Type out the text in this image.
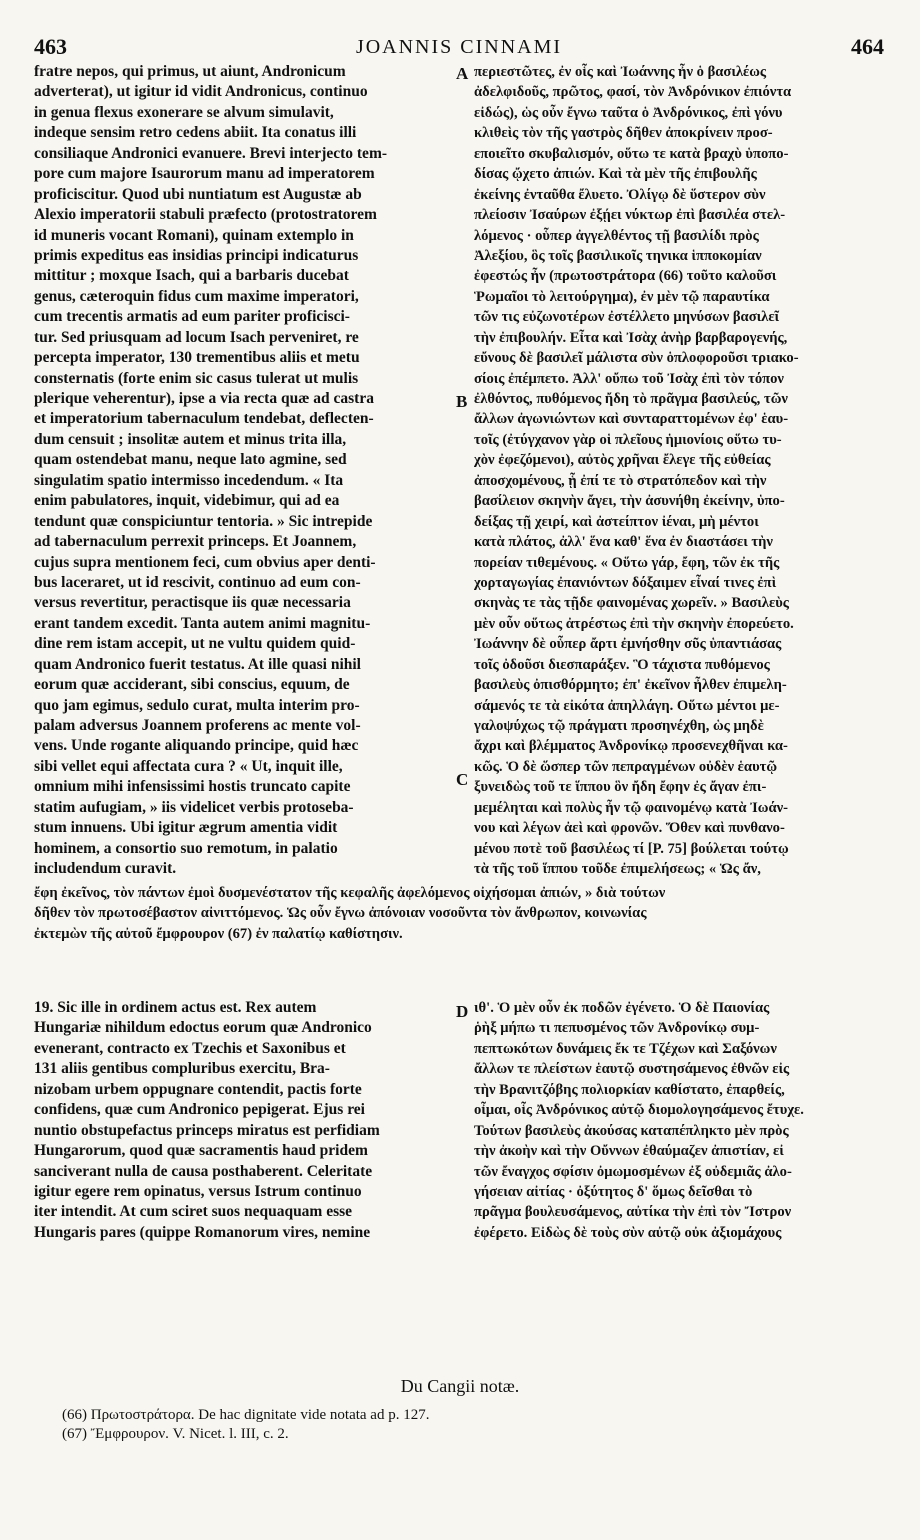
463	JOANNIS CINNAMI	464
fratre nepos, qui primus, ut aiunt, Andronicum
adverterat), ut igitur id vidit Andronicus, continuo
in genua flexus exonerare se alvum simulavit,
indeque sensim retro cedens abiit. Ita conatus illi
consiliaque Andronici evanuere. Brevi interjecto tem-
pore cum majore Isaurorum manu ad imperatorem
proficiscitur. Quod ubi nuntiatum est Augustæ ab
Alexio imperatorii stabuli præfecto (protostratorem
id muneris vocant Romani), quinam extemplo in
primis expeditus eas insidias principi indicaturus
mittitur ; moxque Isach, qui a barbaris ducebat
genus, cæteroquin fidus cum maxime imperatori,
cum trecentis armatis ad eum pariter proficisci-
tur. Sed priusquam ad locum Isach perveniret, re
percepta imperator, 130 trementibus aliis et metu
consternatis (forte enim sic casus tulerat ut mulis
plerique veherentur), ipse a via recta quæ ad castra
et imperatorium tabernaculum tendebat, deflecten-
dum censuit ; insolitæ autem et minus trita illa,
quam ostendebat manu, neque lato agmine, sed
singulatim spatio intermisso incedendum. « Ita
enim pabulatores, inquit, videbimur, qui ad ea
tendunt quæ conspiciuntur tentoria. » Sic intrepide
ad tabernaculum perrexit princeps. Et Joannem,
cujus supra mentionem feci, cum obvius aper denti-
bus laceraret, ut id rescivit, continuo ad eum con-
versus revertitur, peractisque iis quæ necessaria
erant tandem excedit. Tanta autem animi magnitu-
dine rem istam accepit, ut ne vultu quidem quid-
quam Andronico fuerit testatus. At ille quasi nihil
eorum quæ acciderant, sibi conscius, equum, de
quo jam egimus, sedulo curat, multa interim pro-
palam adversus Joannem proferens ac mente vol-
vens. Unde rogante aliquando principe, quid hæc
sibi vellet equi affectata cura ? « Ut, inquit ille,
omnium mihi infensissimi hostis truncato capite
statim aufugiam, » iis videlicet verbis protoseba-
stum innuens. Ubi igitur ægrum amentia vidit
hominem, a consortio suo remotum, in palatio
includendum curavit.
περιεστῶτες, ἐν οἷς καὶ Ἰωάννης ἦν ὁ βασιλέως
ἀδελφιδοῦς, πρῶτος, φασί, τὸν Ἀνδρόνικον ἐπιόντα
εἰδώς), ὡς οὖν ἔγνω ταῦτα ὁ Ἀνδρόνικος, ἐπὶ γόνυ
κλιθεὶς τὸν τῆς γαστρὸς δῆθεν ἀποκρίνειν προσ-
εποιεῖτο σκυβαλισμόν, οὕτω τε κατὰ βραχὺ ὑποπο-
δίσας ᾤχετο ἀπιών. Καὶ τὰ μὲν τῆς ἐπιβουλῆς
ἐκείνης ἐνταῦθα ἔλυετο. Ὀλίγῳ δὲ ὕστερον σὺν
πλείοσιν Ἰσαύρων ἐξῄει νύκτωρ ἐπὶ βασιλέα στελ-
λόμενος · οὗπερ ἀγγελθέντος τῇ βασιλίδι πρὸς
Ἀλεξίου, ὃς τοῖς βασιλικοῖς τηνικα ἱπποκομίαν
ἐφεστώς ἦν (πρωτοστράτορα (66) τοῦτο καλοῦσι
Ῥωμαῖοι τὸ λειτούργημα), ἐν μὲν τῷ παραυτίκα
τῶν τις εὐζωνοτέρων ἐστέλλετο μηνύσων βασιλεῖ
τὴν ἐπιβουλήν. Εἶτα καὶ Ἰσὰχ ἀνὴρ βαρβαρογενής,
εὔνους δὲ βασιλεῖ μάλιστα σὺν ὁπλοφοροῦσι τριακο-
σίοις ἐπέμπετο. Ἀλλ' οὔπω τοῦ Ἰσὰχ ἐπὶ τὸν τόπον
ἐλθόντος, πυθόμενος ἤδη τὸ πρᾶγμα βασιλεύς, τῶν
ἄλλων ἀγωνιώντων καὶ συνταραττομένων ἐφ' ἑαυ-
τοῖς (ἐτύγχανον γὰρ οἱ πλεῖους ἡμιονίοις οὕτω τυ-
χὸν ἐφεζόμενοι), αὐτὸς χρῆναι ἔλεγε τῆς εὐθείας
ἀποσχομένους, ᾗ ἐπί τε τὸ στρατόπεδον καὶ τὴν
βασίλειον σκηνὴν ἄγει, τὴν ἀσυνήθη ἐκείνην, ὑπο-
δείξας τῇ χειρί, καὶ ἀστείπτον ἰέναι, μὴ μέντοι
κατὰ πλάτος, ἀλλ' ἕνα καθ' ἕνα ἐν διαστάσει τὴν
πορείαν τιθεμένους. « Οὕτω γάρ, ἔφη, τῶν ἐκ τῆς
χορταγωγίας ἐπανιόντων δόξαιμεν εἶναί τινες ἐπὶ
σκηνὰς τε τὰς τῇδε φαινομένας χωρεῖν. » Βασιλεὺς
μὲν οὖν οὕτως ἀτρέστως ἐπὶ τὴν σκηνὴν ἐπορεύετο.
Ἰωάννην δὲ οὗπερ ἄρτι ἐμνήσθην σῦς ὑπαντιάσας
τοῖς ὀδοῦσι διεσπαράξεν. Ὃ τάχιστα πυθόμενος
βασιλεὺς ὀπισθόρμητο; ἐπ' ἐκεῖνον ἦλθεν ἐπιμελη-
σάμενός τε τὰ εἰκότα ἀπηλλάγη. Οὕτω μέντοι με-
γαλοψύχως τῷ πράγματι προσηνέχθη, ὡς μηδὲ
ἄχρι καὶ βλέμματος Ἀνδρονίκῳ προσενεχθῆναι κα-
κῶς. Ὁ δὲ ὥσπερ τῶν πεπραγμένων οὐδὲν ἑαυτῷ
ξυνειδὼς τοῦ τε ἵππου ὃν ἤδη ἔφην ἐς ἄγαν ἐπι-
μεμέληται καὶ πολὺς ἦν τῷ φαινομένῳ κατὰ Ἰωάν-
νου καὶ λέγων ἀεὶ καὶ φρονῶν. Ὅθεν καὶ πυνθανο-
μένου ποτὲ τοῦ βασιλέως τί [P. 75] βούλεται τούτῳ
τὰ τῆς τοῦ ἵππου τοῦδε ἐπιμελήσεως; « Ὡς ἄν,
A
B
C
D
ἔφη ἐκεῖνος, τὸν πάντων ἐμοὶ δυσμενέστατον τῆς κεφαλῆς ἀφελόμενος οἰχήσομαι ἀπιών, » διὰ τούτων
δῆθεν τὸν πρωτοσέβαστον αἰνιττόμενος. Ὡς οὖν ἔγνω ἀπόνοιαν νοσοῦντα τὸν ἄνθρωπον, κοινωνίας
ἐκτεμὼν τῆς αὐτοῦ ἔμφρουρον (67) ἐν παλατίῳ καθίστησιν.
19. Sic ille in ordinem actus est. Rex autem
Hungariæ nihildum edoctus eorum quæ Andronico
evenerant, contracto ex Tzechis et Saxonibus et
131 aliis gentibus compluribus exercitu, Bra-
nizobam urbem oppugnare contendit, pactis forte
confidens, quæ cum Andronico pepigerat. Ejus rei
nuntio obstupefactus princeps miratus est perfidiam
Hungarorum, quod quæ sacramentis haud pridem
sanciverant nulla de causa posthaberent. Celeritate
igitur egere rem opinatus, versus Istrum continuo
iter intendit. At cum sciret suos nequaquam esse
Hungaris pares (quippe Romanorum vires, nemine
ιθ'. Ὁ μὲν οὖν ἐκ ποδῶν ἐγένετο. Ὁ δὲ Παιονίας
ῥὴξ μήπω τι πεπυσμένος τῶν Ἀνδρονίκῳ συμ-
πεπτωκότων δυνάμεις ἔκ τε Τζέχων καὶ Σαξόνων
ἄλλων τε πλείστων ἑαυτῷ συστησάμενος ἐθνῶν εἰς
τὴν Βρανιτζόβης πολιορκίαν καθίστατο, ἐπαρθείς,
οἶμαι, οἷς Ἀνδρόνικος αὐτῷ διομολογησάμενος ἔτυχε.
Τούτων βασιλεὺς ἀκούσας καταπέπληκτο μὲν πρὸς
τὴν ἀκοὴν καὶ τὴν Οὔννων ἐθαύμαζεν ἀπιστίαν, εἰ
τῶν ἔναγχος σφίσιν ὀμωμοσμένων ἐξ οὐδεμιᾶς ἀλο-
γήσειαν αἰτίας · ὀξύτητος δ' ὅμως δεῖσθαι τὸ
πρᾶγμα βουλευσάμενος, αὐτίκα τὴν ἐπὶ τὸν Ἴστρον
ἐφέρετο. Εἰδὼς δὲ τοὺς σὺν αὐτῷ οὐκ ἀξιομάχους
Du Cangii notæ.
(66) Πρωτοστράτορα. De hac dignitate vide notata ad p. 127.
(67) Ἔμφρουρον. V. Nicet. l. III, c. 2.
